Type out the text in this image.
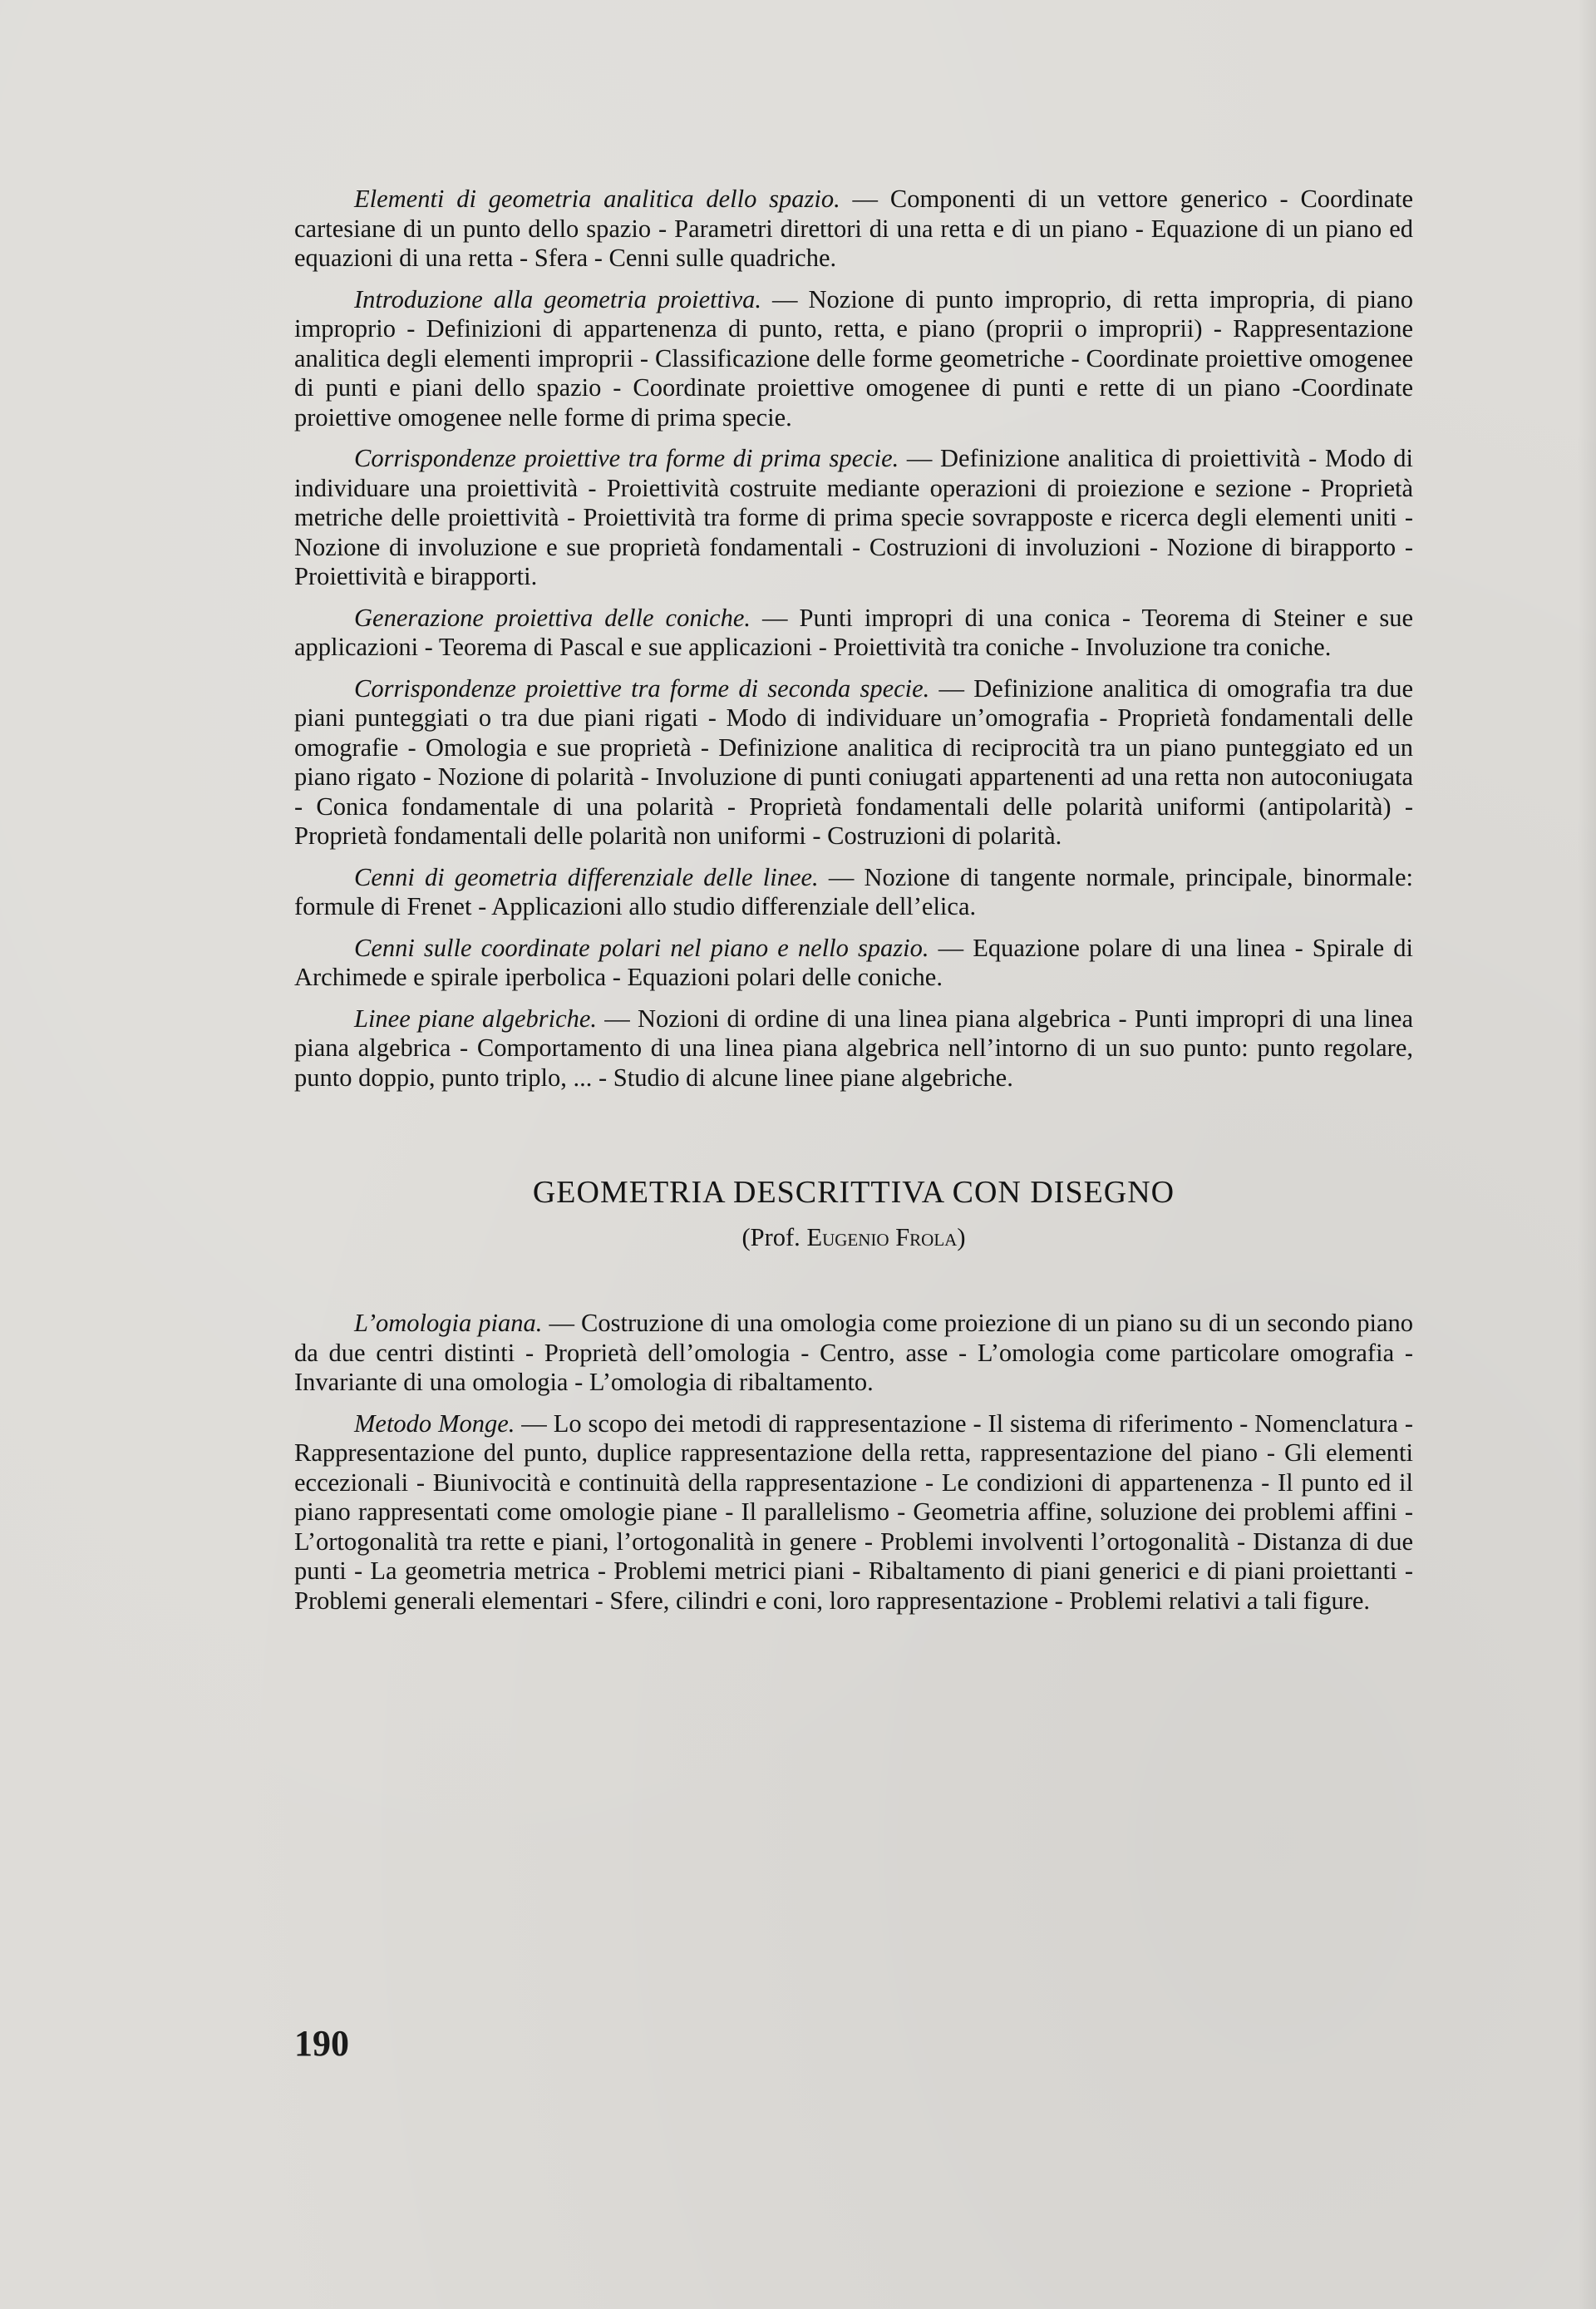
Elementi di geometria analitica dello spazio. — Componenti di un vettore generico - Coordinate cartesiane di un punto dello spazio - Parametri direttori di una retta e di un piano - Equazione di un piano ed equazioni di una retta - Sfera - Cenni sulle quadriche.

Introduzione alla geometria proiettiva. — Nozione di punto improprio, di retta impropria, di piano improprio - Definizioni di appartenenza di punto, retta, e piano (proprii o improprii) - Rappresentazione analitica degli elementi improprii - Classificazione delle forme geometriche - Coordinate proiettive omogenee di punti e piani dello spazio - Coordinate proiettive omogenee di punti e rette di un piano -Coordinate proiettive omogenee nelle forme di prima specie.

Corrispondenze proiettive tra forme di prima specie. — Definizione analitica di proiettività - Modo di individuare una proiettività - Proiettività costruite mediante operazioni di proiezione e sezione - Proprietà metriche delle proiettività - Proiettività tra forme di prima specie sovrapposte e ricerca degli elementi uniti - Nozione di involuzione e sue proprietà fondamentali - Costruzioni di involuzioni - Nozione di birapporto - Proiettività e birapporti.

Generazione proiettiva delle coniche. — Punti impropri di una conica - Teorema di Steiner e sue applicazioni - Teorema di Pascal e sue applicazioni - Proiettività tra coniche - Involuzione tra coniche.

Corrispondenze proiettive tra forme di seconda specie. — Definizione analitica di omografia tra due piani punteggiati o tra due piani rigati - Modo di individuare un’omografia - Proprietà fondamentali delle omografie - Omologia e sue proprietà - Definizione analitica di reciprocità tra un piano punteggiato ed un piano rigato - Nozione di polarità - Involuzione di punti coniugati appartenenti ad una retta non autoconiugata - Conica fondamentale di una polarità - Proprietà fondamentali delle polarità uniformi (antipolarità) - Proprietà fondamentali delle polarità non uniformi - Costruzioni di polarità.

Cenni di geometria differenziale delle linee. — Nozione di tangente normale, principale, binormale: formule di Frenet - Applicazioni allo studio differenziale dell’elica.

Cenni sulle coordinate polari nel piano e nello spazio. — Equazione polare di una linea - Spirale di Archimede e spirale iperbolica - Equazioni polari delle coniche.

Linee piane algebriche. — Nozioni di ordine di una linea piana algebrica - Punti impropri di una linea piana algebrica - Comportamento di una linea piana algebrica nell’intorno di un suo punto: punto regolare, punto doppio, punto triplo, ... - Studio di alcune linee piane algebriche.

GEOMETRIA DESCRITTIVA CON DISEGNO
(Prof. Eugenio Frola)

L’omologia piana. — Costruzione di una omologia come proiezione di un piano su di un secondo piano da due centri distinti - Proprietà dell’omologia - Centro, asse - L’omologia come particolare omografia - Invariante di una omologia - L’omologia di ribaltamento.

Metodo Monge. — Lo scopo dei metodi di rappresentazione - Il sistema di riferimento - Nomenclatura - Rappresentazione del punto, duplice rappresentazione della retta, rappresentazione del piano - Gli elementi eccezionali - Biunivocità e continuità della rappresentazione - Le condizioni di appartenenza - Il punto ed il piano rappresentati come omologie piane - Il parallelismo - Geometria affine, soluzione dei problemi affini - L’ortogonalità tra rette e piani, l’ortogonalità in genere - Problemi involventi l’ortogonalità - Distanza di due punti - La geometria metrica - Problemi metrici piani - Ribaltamento di piani generici e di piani proiettanti - Problemi generali elementari - Sfere, cilindri e coni, loro rappresentazione - Problemi relativi a tali figure.

190
